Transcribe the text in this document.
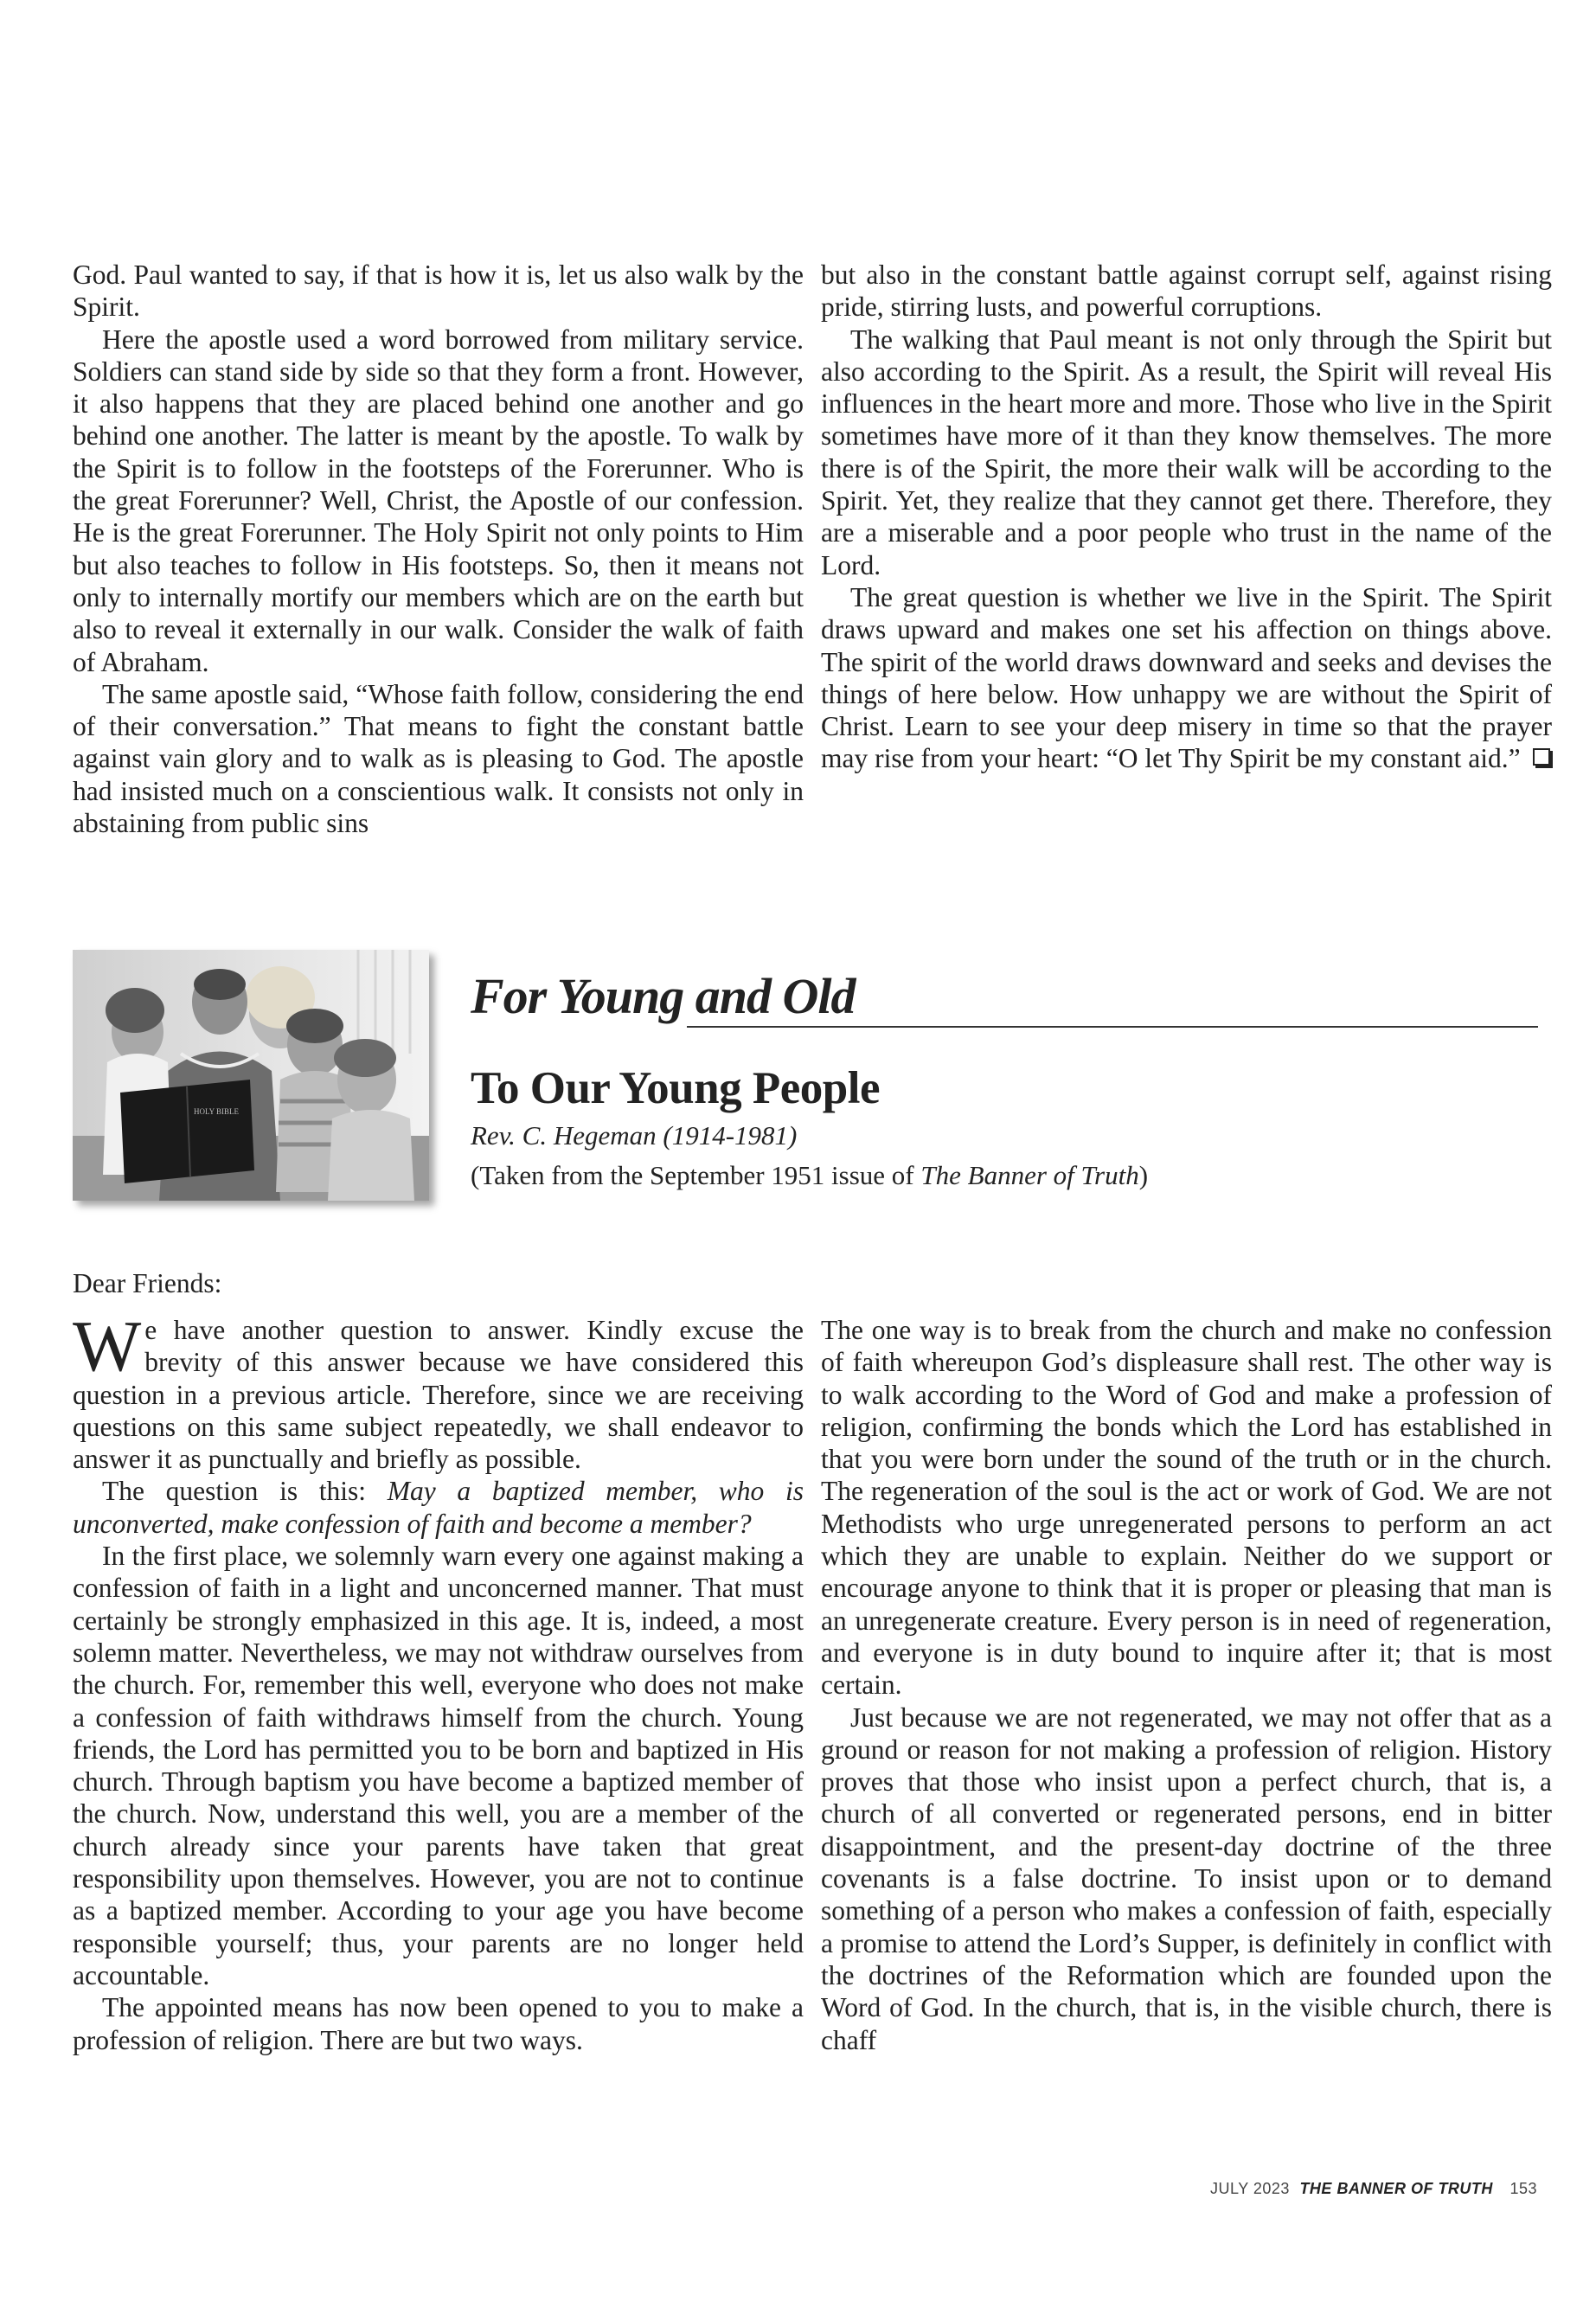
God. Paul wanted to say, if that is how it is, let us also walk by the Spirit.

Here the apostle used a word borrowed from military service. Soldiers can stand side by side so that they form a front. However, it also happens that they are placed behind one another and go behind one another. The latter is meant by the apostle. To walk by the Spirit is to follow in the footsteps of the Forerunner. Who is the great Forerunner? Well, Christ, the Apostle of our confession. He is the great Forerunner. The Holy Spirit not only points to Him but also teaches to follow in His footsteps. So, then it means not only to internally mortify our members which are on the earth but also to reveal it externally in our walk. Consider the walk of faith of Abraham.

The same apostle said, “Whose faith follow, considering the end of their conversation.” That means to fight the constant battle against vain glory and to walk as is pleasing to God. The apostle had insisted much on a conscientious walk. It consists not only in abstaining from public sins

but also in the constant battle against corrupt self, against rising pride, stirring lusts, and powerful corruptions.

The walking that Paul meant is not only through the Spirit but also according to the Spirit. As a result, the Spirit will reveal His influences in the heart more and more. Those who live in the Spirit sometimes have more of it than they know themselves. The more there is of the Spirit, the more their walk will be according to the Spirit. Yet, they realize that they cannot get there. Therefore, they are a miserable and a poor people who trust in the name of the Lord.

The great question is whether we live in the Spirit. The Spirit draws upward and makes one set his affection on things above. The spirit of the world draws downward and seeks and devises the things of here below. How unhappy we are without the Spirit of Christ. Learn to see your deep misery in time so that the prayer may rise from your heart: “O let Thy Spirit be my constant aid.”

HOLY BIBLE
For Young and Old
To Our Young People
Rev. C. Hegeman (1914-1981)
(Taken from the September 1951 issue of The Banner of Truth)
Dear Friends:

We have another question to answer. Kindly excuse the brevity of this answer because we have considered this question in a previous article. Therefore, since we are receiving questions on this same subject repeatedly, we shall endeavor to answer it as punctually and briefly as possible.

The question is this: May a baptized member, who is unconverted, make confession of faith and become a member?

In the first place, we solemnly warn every one against making a confession of faith in a light and unconcerned manner. That must certainly be strongly emphasized in this age. It is, indeed, a most solemn matter. Nevertheless, we may not withdraw ourselves from the church. For, remember this well, everyone who does not make a confession of faith withdraws himself from the church. Young friends, the Lord has permitted you to be born and baptized in His church. Through baptism you have become a baptized member of the church. Now, understand this well, you are a member of the church already since your parents have taken that great responsibility upon themselves. However, you are not to continue as a baptized member. According to your age you have become responsible yourself; thus, your parents are no longer held accountable.

The appointed means has now been opened to you to make a profession of religion. There are but two ways.

The one way is to break from the church and make no confession of faith whereupon God’s displeasure shall rest. The other way is to walk according to the Word of God and make a profession of religion, confirming the bonds which the Lord has established in that you were born under the sound of the truth or in the church. The regeneration of the soul is the act or work of God. We are not Methodists who urge unregenerated persons to perform an act which they are unable to explain. Neither do we support or encourage anyone to think that it is proper or pleasing that man is an unregenerate creature. Every person is in need of regeneration, and everyone is in duty bound to inquire after it; that is most certain.

Just because we are not regenerated, we may not offer that as a ground or reason for not making a profession of religion. History proves that those who insist upon a perfect church, that is, a church of all converted or regenerated persons, end in bitter disappointment, and the present-day doctrine of the three covenants is a false doctrine. To insist upon or to demand something of a person who makes a confession of faith, especially a promise to attend the Lord’s Supper, is definitely in conflict with the doctrines of the Reformation which are founded upon the Word of God. In the church, that is, in the visible church, there is chaff

JULY 2023 THE BANNER OF TRUTH 153
